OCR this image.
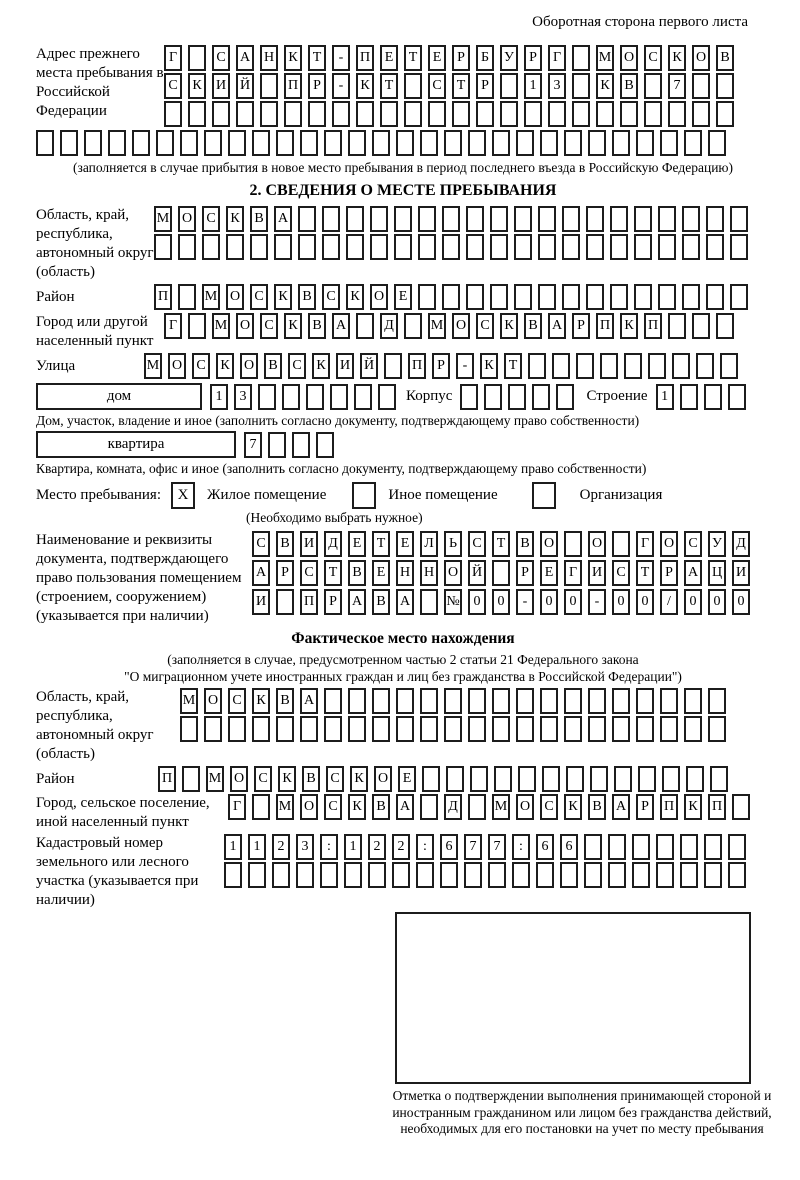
Оборотная сторона первого листа
Адрес прежнего места пребывания в Российской Федерации
Г	С	А Н	К	Т	-	П	Е	Т	Е	Р	Б	У	Р	Г	М О	С	К	О	В
С	К	И Й	П	Р	-	К	Т	С	Т	Р	1	3	К	В	7
(заполняется в случае прибытия в новое место пребывания в период последнего въезда в Российскую Федерацию)
2. СВЕДЕНИЯ О МЕСТЕ ПРЕБЫВАНИЯ
Область, край, республика, автономный округ (область)
М О	С	К	В	А
Район	П	М О	С	К	В	С	К	О	Е
Город или другой населенный пункт
Г	М О	С	К	В	А	Д	М О	С	К	В	А	Р	П	К	П
Улица	М О	С	К	О	В	С	К	И Й	П	Р	-	К	Т
дом	1	3	Корпус	Строение 1
Дом, участок, владение и иное (заполнить согласно документу, подтверждающему право собственности)
квартира	7
Квартира, комната, офис и иное (заполнить согласно документу, подтверждающему право собственности)
Место пребывания:	X	Жилое помещение	Иное помещение	Организация
(Необходимо выбрать нужное)
Наименование и реквизиты документа, подтверждающего право пользования помещением (строением, сооружением) (указывается при наличии)
С	В	И	Д	Е	Т	Е	Л	Ь	С	Т	В	О	О	Г	О	С	У	Д
А	Р	С	Т	В	Е	Н Н О Й	Р	Е	Г	И	С	Т	Р	А Ц И
И	П	Р	А	В	А	№ 0	0	-	0	0	-	0	0	/	0	0	0
Фактическое место нахождения
(заполняется в случае, предусмотренном частью 2 статьи 21 Федерального закона
"О миграционном учете иностранных граждан и лиц без гражданства в Российской Федерации")
Область, край, республика, автономный округ (область)
М О	С	К	В	А
Район	П	М О	С	К	В	С	К	О	Е
Город, сельское поселение, иной населенный пункт
Г	М О	С	К	В	А	Д	М О	С	К	В	А	Р	П	К	П
Кадастровый номер земельного или лесного участка (указывается при наличии)
1	1	2	3	:	1	2	2	:	6	7	7	:	6	6
Отметка о подтверждении выполнения принимающей стороной и иностранным гражданином или лицом без гражданства действий, необходимых для его постановки на учет по месту пребывания
